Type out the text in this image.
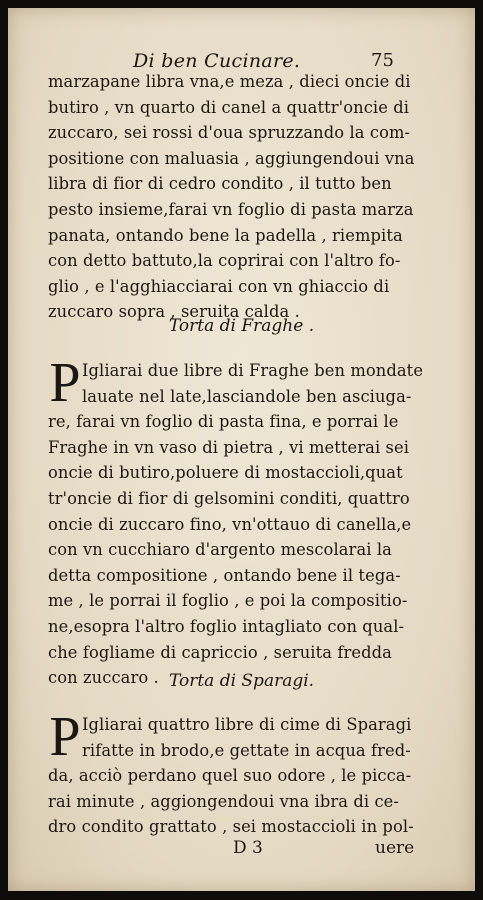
Di ben Cucinare.	75
marzapane libra vna,e meza , dieci oncie di
butiro , vn quarto di canel a quattr'oncie di
zuccaro, sei rossi d'oua spruzzando la com-
positione con maluasia , aggiungendoui vna
libra di fior di cedro condito , il tutto ben
pesto insieme,farai vn foglio di pasta marza
panata, ontando bene la padella , riempita
con detto battuto,la coprirai con l'altro fo-
glio , e l'agghiacciarai con vn ghiaccio di
zuccaro sopra , seruita calda .
Torta di Fraghe .
P Igliarai due libre di Fraghe ben mondate
lauate nel late,lasciandole ben asciuga-
re, farai vn foglio di pasta fina, e porrai le
Fraghe in vn vaso di pietra , vi metterai sei
oncie di butiro,poluere di mostaccioli,quat
tr'oncie di fior di gelsomini conditi, quattro
oncie di zuccaro fino, vn'ottauo di canella,e
con vn cucchiaro d'argento mescolarai la
detta compositione , ontando bene il tega-
me , le porrai il foglio , e poi la compositio-
ne,esopra l'altro foglio intagliato con qual-
che fogliame di capriccio , seruita fredda
con zuccaro . Torta di Sparagi.
P Igliarai quattro libre di cime di Sparagi
rifatte in brodo,e gettate in acqua fred-
da, acciò perdano quel suo odore , le picca-
rai minute , aggiongendoui vna ibra di ce-
dro condito grattato , sei mostaccioli in pol-
D 3	uere
